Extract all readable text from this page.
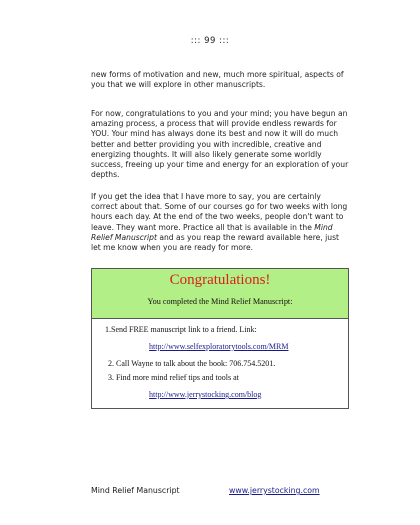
::: 99 :::

new forms of motivation and new, much more spiritual, aspects of you that we will explore in other manuscripts.

For now, congratulations to you and your mind; you have begun an amazing process, a process that will provide endless rewards for YOU. Your mind has always done its best and now it will do much better and better providing you with incredible, creative and energizing thoughts. It will also likely generate some worldly success, freeing up your time and energy for an exploration of your depths.

If you get the idea that I have more to say, you are certainly correct about that. Some of our courses go for two weeks with long hours each day. At the end of the two weeks, people don't want to leave. They want more. Practice all that is available in the Mind Relief Manuscript and as you reap the reward available here, just let me know when you are ready for more.

Congratulations!
You completed the Mind Relief Manuscript:
1.Send FREE manuscript link to a friend. Link:
http://www.selfexploratorytools.com/MRM
2. Call Wayne to talk about the book: 706.754.5201.
3. Find more mind relief tips and tools at
http://www.jerrystocking.com/blog
Mind Relief Manuscript	www.jerrystocking.com
